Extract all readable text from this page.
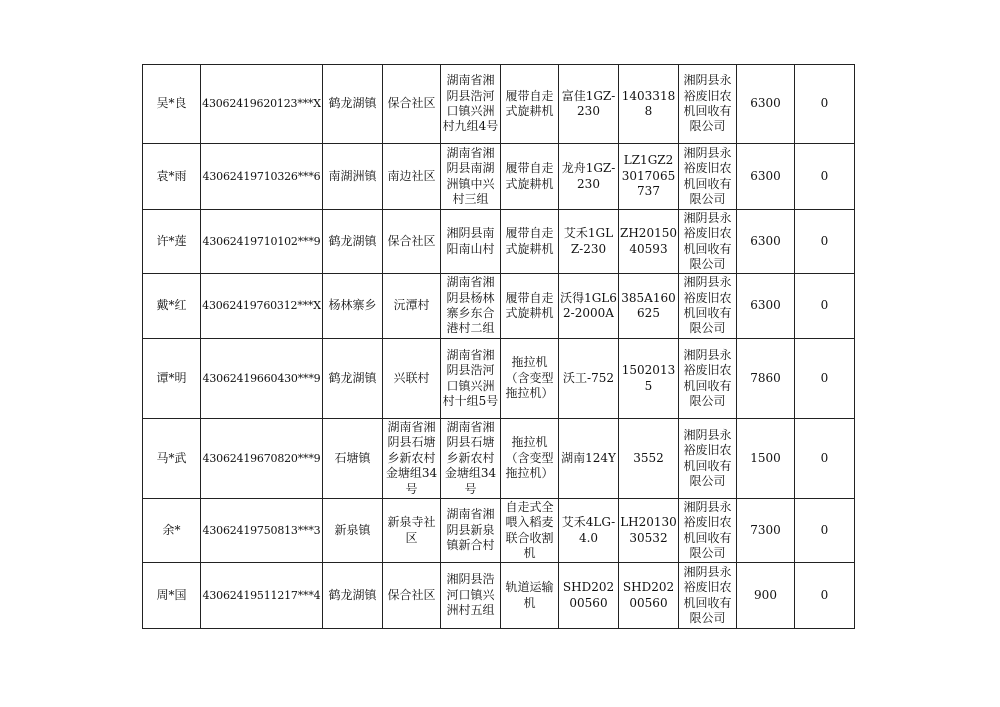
吴*良	43062419620123***X	鹤龙湖镇	保合社区	湖南省湘阴县浩河口镇兴洲村九组4号	履带自走式旋耕机	富佳1GZ-230	14033188	湘阴县永裕废旧农机回收有限公司	6300	0
袁*雨	43062419710326***6	南湖洲镇	南边社区	湖南省湘阴县南湖洲镇中兴村三组	履带自走式旋耕机	龙舟1GZ-230	LZ1GZ23017065737	湘阴县永裕废旧农机回收有限公司	6300	0
许*莲	43062419710102***9	鹤龙湖镇	保合社区	湘阴县南阳南山村	履带自走式旋耕机	艾禾1GLZ-230	ZH2015040593	湘阴县永裕废旧农机回收有限公司	6300	0
戴*红	43062419760312***X	杨林寨乡	沅潭村	湖南省湘阴县杨林寨乡东合港村二组	履带自走式旋耕机	沃得1GL62-2000A	385A160625	湘阴县永裕废旧农机回收有限公司	6300	0
谭*明	43062419660430***9	鹤龙湖镇	兴联村	湖南省湘阴县浩河口镇兴洲村十组5号	拖拉机（含变型拖拉机）	沃工-752	15020135	湘阴县永裕废旧农机回收有限公司	7860	0
马*武	43062419670820***9	石塘镇	湖南省湘阴县石塘乡新农村金塘组34号	湖南省湘阴县石塘乡新农村金塘组34号	拖拉机（含变型拖拉机）	湖南124Y	3552	湘阴县永裕废旧农机回收有限公司	1500	0
余*	43062419750813***3	新泉镇	新泉寺社区	湖南省湘阴县新泉镇新合村	自走式全喂入稻麦联合收割机	艾禾4LG-4.0	LH2013030532	湘阴县永裕废旧农机回收有限公司	7300	0
周*国	43062419511217***4	鹤龙湖镇	保合社区	湘阴县浩河口镇兴洲村五组	轨道运输机	SHD20200560	SHD20200560	湘阴县永裕废旧农机回收有限公司	900	0
